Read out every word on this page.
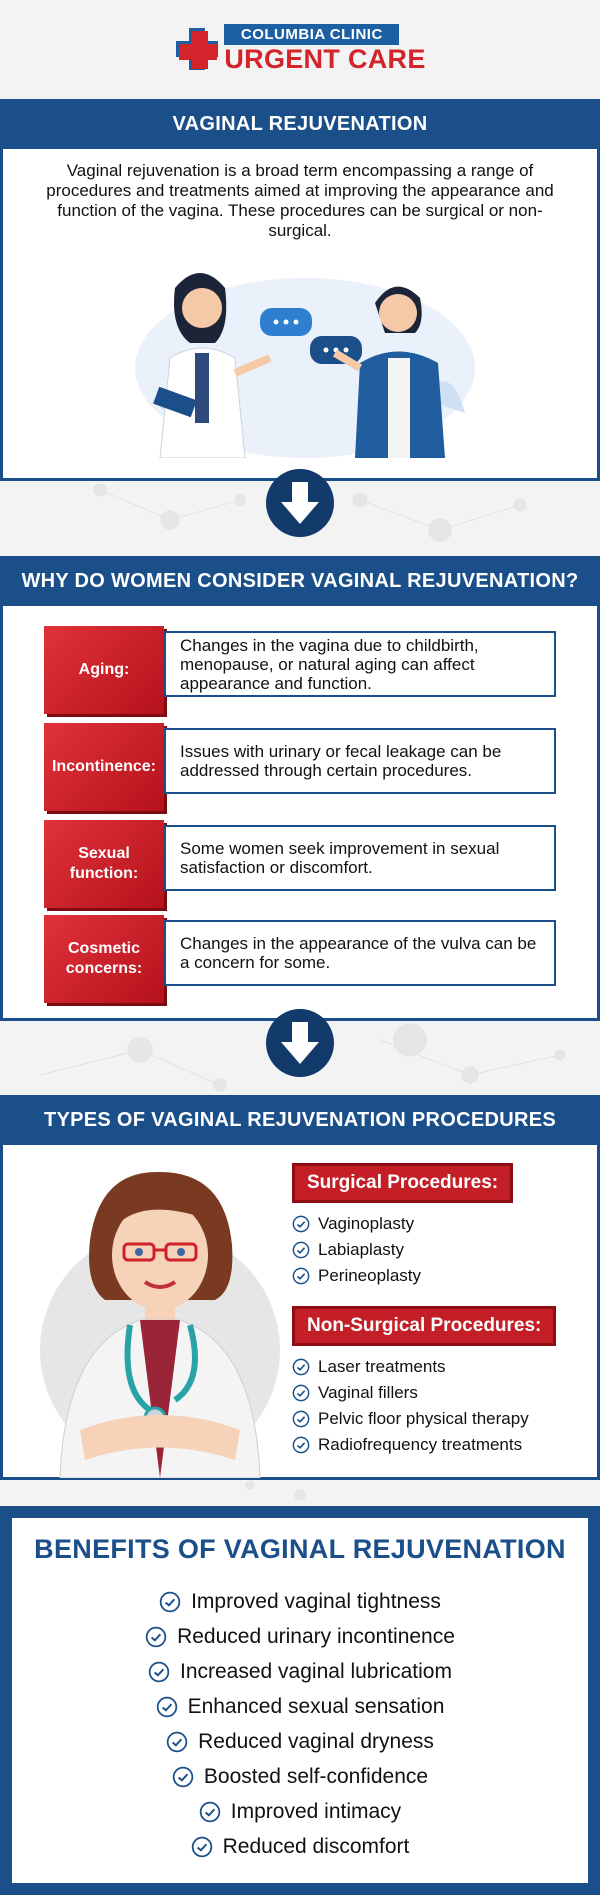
COLUMBIA CLINIC
URGENT CARE
VAGINAL REJUVENATION

Vaginal rejuvenation is a broad term encompassing a range of procedures and treatments aimed at improving the appearance and function of the vagina. These procedures can be surgical or non-surgical.

WHY DO WOMEN CONSIDER VAGINAL REJUVENATION?
Aging:
Changes in the vagina due to childbirth, menopause, or natural aging can affect appearance and function.
Incontinence:
Issues with urinary or fecal leakage can be addressed through certain procedures.
Sexual function:
Some women seek improvement in sexual satisfaction or discomfort.
Cosmetic concerns:
Changes in the appearance of the vulva can be a concern for some.
TYPES OF VAGINAL REJUVENATION PROCEDURES
Surgical Procedures:
Vaginoplasty
Labiaplasty
Perineoplasty
Non-Surgical Procedures:
Laser treatments
Vaginal fillers
Pelvic floor physical therapy
Radiofrequency treatments
BENEFITS OF VAGINAL REJUVENATION
Improved vaginal tightness
Reduced urinary incontinence
Increased vaginal lubricatiom
Enhanced sexual sensation
Reduced vaginal dryness
Boosted self-confidence
Improved intimacy
Reduced discomfort
